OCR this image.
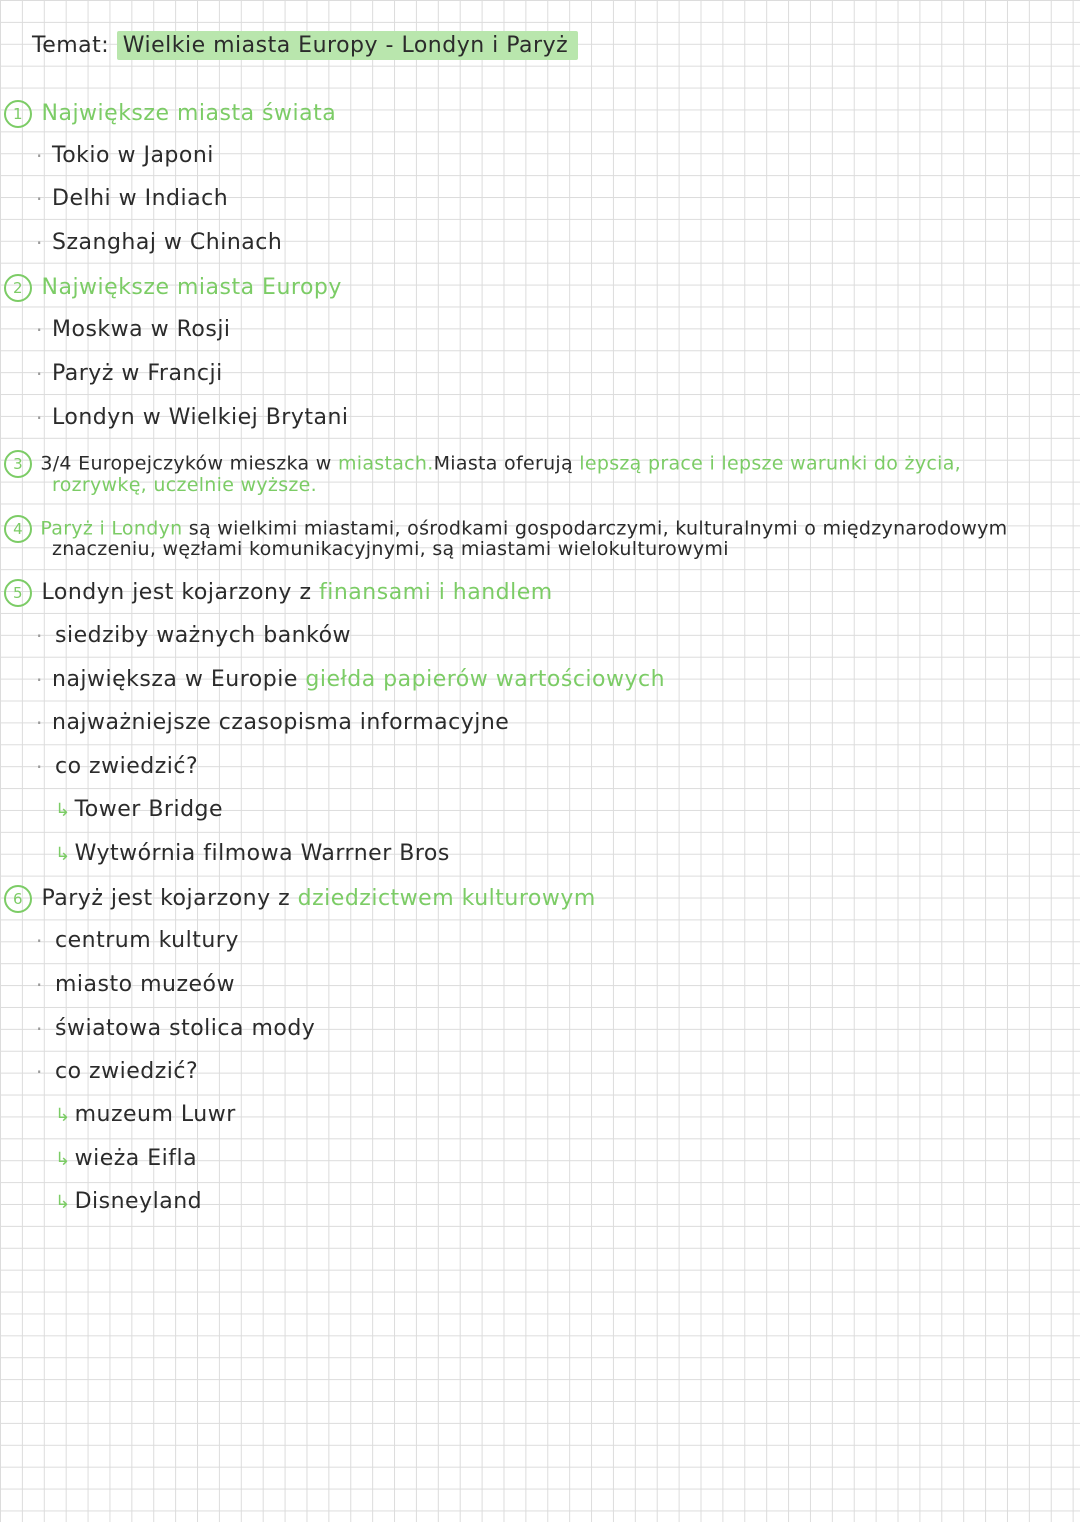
Temat: Wielkie miasta Europy - Londyn i Paryż
1 Największe miasta świata
· Tokio w Japoni
· Delhi w Indiach
· Szanghaj w Chinach
2 Największe miasta Europy
· Moskwa w Rosji
· Paryż w Francji
· Londyn w Wielkiej Brytani
3 3/4 Europejczyków mieszka w miastach.Miasta oferują lepszą prace i lepsze warunki do życia,
rozrywkę, uczelnie wyższe.
4 Paryż i Londyn są wielkimi miastami, ośrodkami gospodarczymi, kulturalnymi o międzynarodowym
znaczeniu, węzłami komunikacyjnymi, są miastami wielokulturowymi
5 Londyn jest kojarzony z finansami i handlem
· siedziby ważnych banków
· największa w Europie giełda papierów wartościowych
· najważniejsze czasopisma informacyjne
· co zwiedzić?
↳ Tower Bridge
↳ Wytwórnia filmowa Warrner Bros
6 Paryż jest kojarzony z dziedzictwem kulturowym
· centrum kultury
· miasto muzeów
· światowa stolica mody
· co zwiedzić?
↳ muzeum Luwr
↳ wieża Eifla
↳ Disneyland
